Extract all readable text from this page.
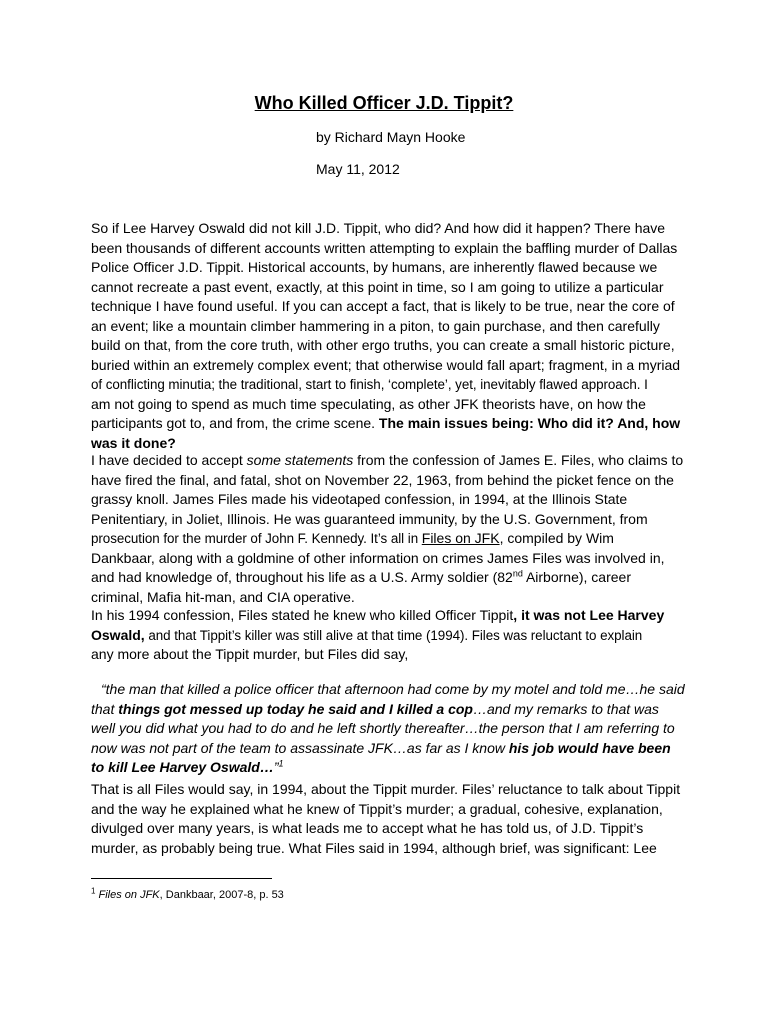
Who Killed Officer J.D. Tippit?
by Richard Mayn Hooke
May 11, 2012
So if Lee Harvey Oswald did not kill J.D. Tippit, who did? And how did it happen? There have
been thousands of different accounts written attempting to explain the baffling murder of Dallas
Police Officer J.D. Tippit. Historical accounts, by humans, are inherently flawed because we
cannot recreate a past event, exactly, at this point in time, so I am going to utilize a particular
technique I have found useful. If you can accept a fact, that is likely to be true, near the core of
an event; like a mountain climber hammering in a piton, to gain purchase, and then carefully
build on that, from the core truth, with other ergo truths, you can create a small historic picture,
buried within an extremely complex event; that otherwise would fall apart; fragment, in a myriad
of conflicting minutia; the traditional, start to finish, ‘complete’, yet, inevitably flawed approach. I
am not going to spend as much time speculating, as other JFK theorists have, on how the
participants got to, and from, the crime scene. The main issues being: Who did it? And, how
was it done?
I have decided to accept some statements from the confession of James E. Files, who claims to
have fired the final, and fatal, shot on November 22, 1963, from behind the picket fence on the
grassy knoll. James Files made his videotaped confession, in 1994, at the Illinois State
Penitentiary, in Joliet, Illinois. He was guaranteed immunity, by the U.S. Government, from
prosecution for the murder of John F. Kennedy. It’s all in Files on JFK, compiled by Wim
Dankbaar, along with a goldmine of other information on crimes James Files was involved in,
and had knowledge of, throughout his life as a U.S. Army soldier (82nd Airborne), career
criminal, Mafia hit-man, and CIA operative.
In his 1994 confession, Files stated he knew who killed Officer Tippit, it was not Lee Harvey
Oswald, and that Tippit’s killer was still alive at that time (1994). Files was reluctant to explain
any more about the Tippit murder, but Files did say,
“the man that killed a police officer that afternoon had come by my motel and told me…he said
that things got messed up today he said and I killed a cop…and my remarks to that was
well you did what you had to do and he left shortly thereafter…the person that I am referring to
now was not part of the team to assassinate JFK…as far as I know his job would have been
to kill Lee Harvey Oswald…”$^1$
That is all Files would say, in 1994, about the Tippit murder. Files’ reluctance to talk about Tippit
and the way he explained what he knew of Tippit’s murder; a gradual, cohesive, explanation,
divulged over many years, is what leads me to accept what he has told us, of J.D. Tippit’s
murder, as probably being true. What Files said in 1994, although brief, was significant: Lee
$^1$ Files on JFK, Dankbaar, 2007-8, p. 53
